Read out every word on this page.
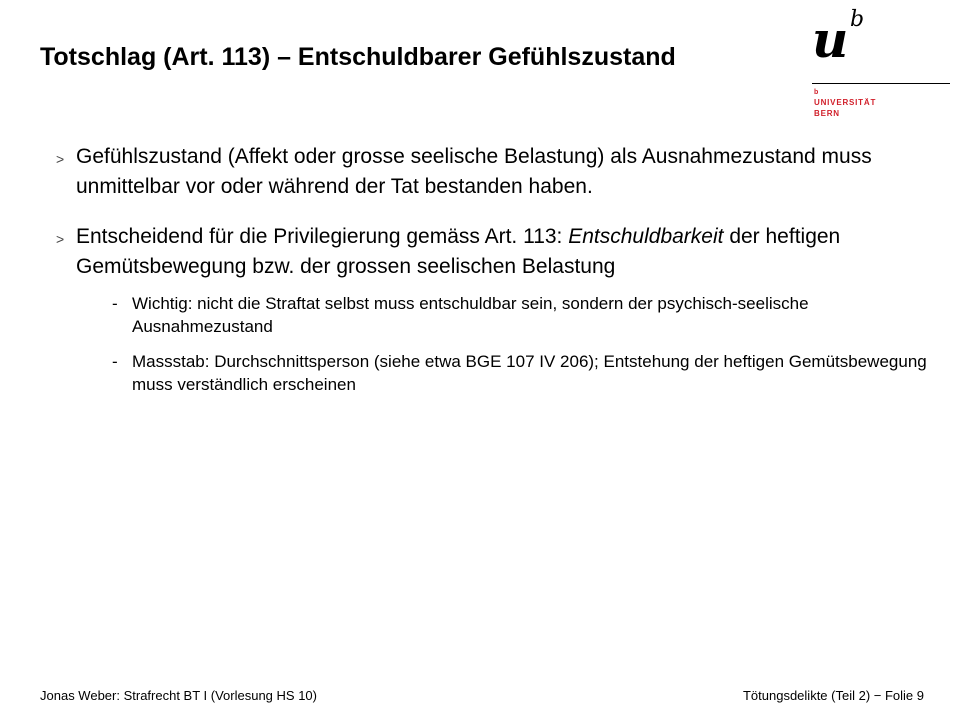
Totschlag (Art. 113) – Entschuldbarer Gefühlszustand	u b
b
UNIVERSITÄT
BERN
> Gefühlszustand (Affekt oder grosse seelische Belastung) als Ausnahmezustand muss unmittelbar vor oder während der Tat bestanden haben.
> Entscheidend für die Privilegierung gemäss Art. 113: Entschuldbarkeit der heftigen Gemütsbewegung bzw. der grossen seelischen Belastung
- Wichtig: nicht die Straftat selbst muss entschuldbar sein, sondern der psychisch-seelische Ausnahmezustand
- Massstab: Durchschnittsperson (siehe etwa BGE 107 IV 206); Entstehung der heftigen Gemütsbewegung muss verständlich erscheinen
Jonas Weber: Strafrecht BT I (Vorlesung HS 10)	Tötungsdelikte (Teil 2) − Folie 9
